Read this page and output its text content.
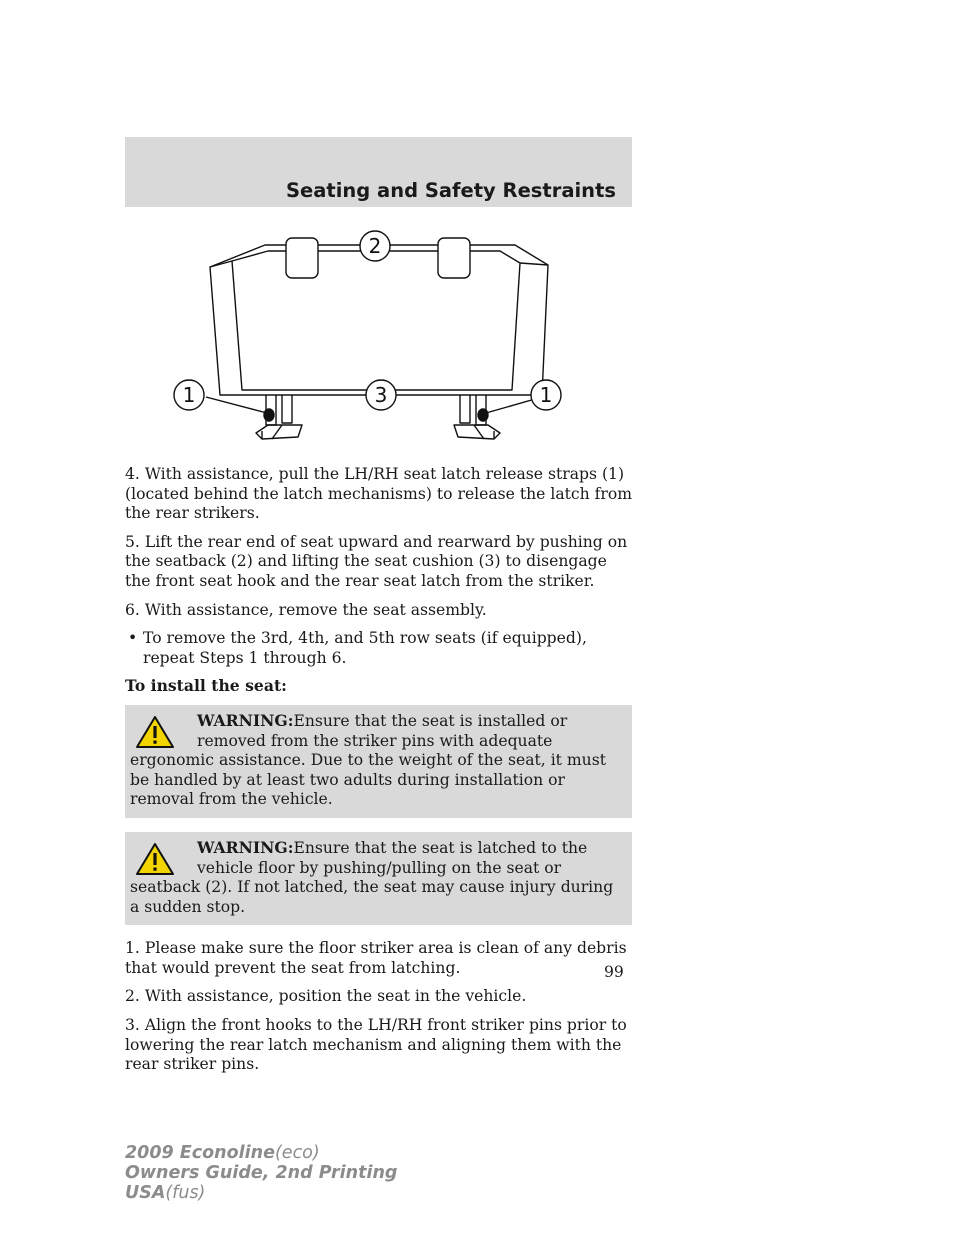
Seating and Safety Restraints
1	1
2
3

4. With assistance, pull the LH/RH seat latch release straps (1) (located behind the latch mechanisms) to release the latch from the rear strikers.

5. Lift the rear end of seat upward and rearward by pushing on the seatback (2) and lifting the seat cushion (3) to disengage the front seat hook and the rear seat latch from the striker.

6. With assistance, remove the seat assembly.

• To remove the 3rd, 4th, and 5th row seats (if equipped), repeat Steps 1 through 6.

To install the seat:

WARNING:Ensure that the seat is installed or removed from the striker pins with adequate ergonomic assistance. Due to the weight of the seat, it must be handled by at least two adults during installation or removal from the vehicle.
WARNING:Ensure that the seat is latched to the vehicle floor by pushing/pulling on the seat or seatback (2). If not latched, the seat may cause injury during a sudden stop.

1. Please make sure the floor striker area is clean of any debris that would prevent the seat from latching.

2. With assistance, position the seat in the vehicle.

3. Align the front hooks to the LH/RH front striker pins prior to lowering the rear latch mechanism and aligning them with the rear striker pins.

99

2009 Econoline(eco)
Owners Guide, 2nd Printing
USA(fus)
